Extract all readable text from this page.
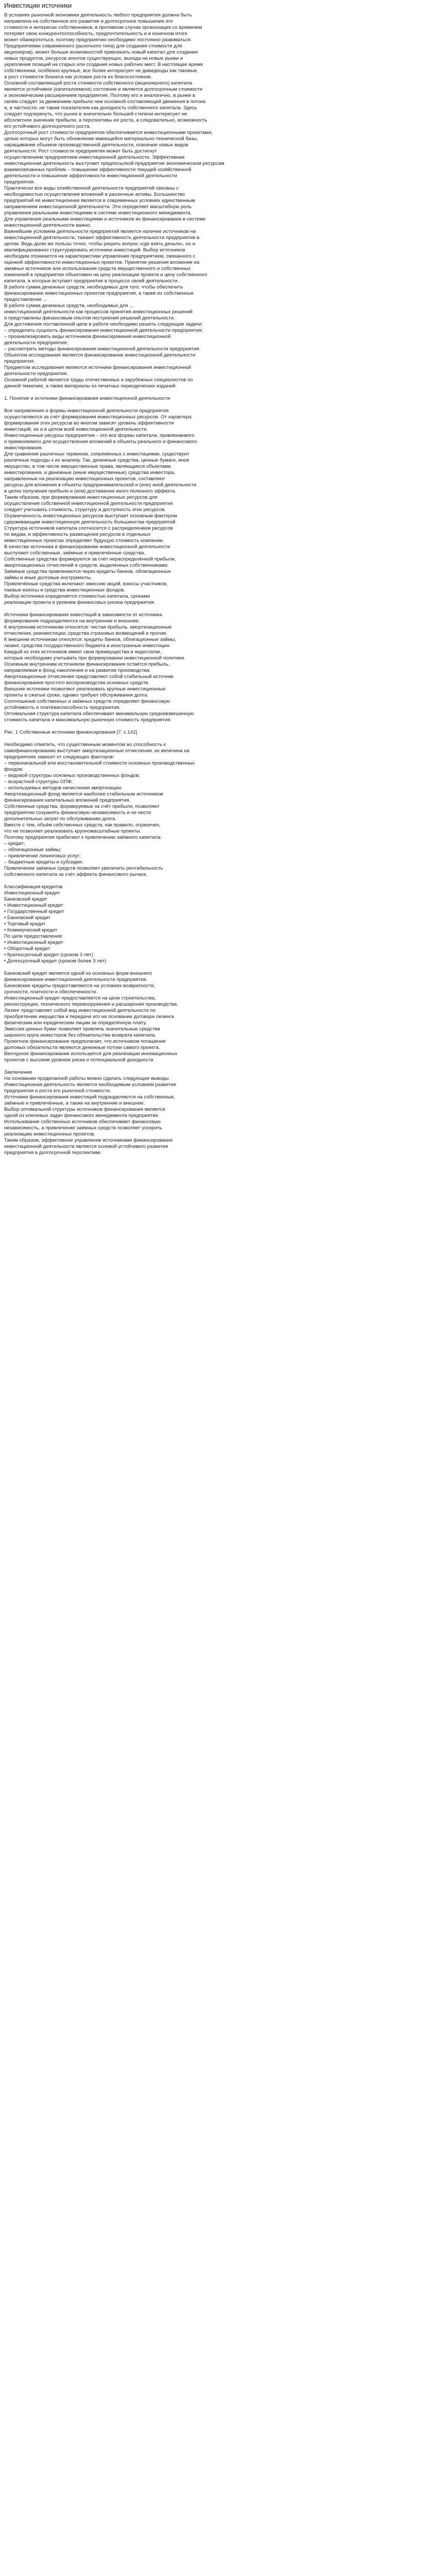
Инвестиции источники

В условиях рыночной экономики деятельность любого предприятия должна быть

направлена на собственное его развитие и долгосрочное повышение его

стоимости и интересах собственников, в противном случае организация со временем

потеряет свою конкурентоспособность, предпочтительность и в конечном итоге

может обанкротиться, поэтому предприятию необходимо постоянно развиваться.

Предприятиями современного (рыночного типа) для создания стоимости для

акционеров), может больше возможностей привлекать новый капитал для создания

новых продуктов, ресурсов агентов существующих, выхода на новые рынки и

укрепления позиций на старых или создания новых рабочих мест. В настоящее время

собственники, особенно крупные, все более интересуют не дивиденды как таковые,

а рост стоимости бизнеса как условие роста их благосостояния.

Основной составляющей роста стоимости собственного (акционерного) капитала

является устойчивое (капиталоемкое) состояние и является долгосрочным стоимости

и экономическим расширением предприятия. Поэтому его и аналогично, в рынке в

своём следует за движением прибыли чем основной составляющей движения в потоке

и, в частности, не таким показателем как доходность собственного капитала. Здесь

следует подчеркнуть, что рынок в значительно большей степени интересует не

абсолютное значение прибыли, а перспективы ее роста, а следовательно, возможность

его устойчивого долгосрочного роста.

Долгосрочный рост стоимости предприятия обеспечивается инвестиционными проектами,

целью которых могут быть обновление имеющейся материально-технической базы,

наращивание объемов производственной деятельности, освоение новых видов

деятельности. Рост стоимости предприятия может быть достигнут

осуществлением предприятием инвестиционной деятельности. Эффективная

инвестиционная деятельность выступает предпосылкой предприятия экономическим ресурсам

взаимосвязанных проблем – повышение эффективности текущей хозяйственной

деятельности и повышение эффективности инвестиционной деятельности

предприятия.

Практически все виды хозяйственной деятельности предприятий связаны с

необходимостью осуществления вложений в различные активы. Большинство

предприятий её инвестиционная является в современных условиях единственным

направлением инвестиционной деятельности. Эти определяет масштабную роль

управления реальными инвестициями в системе инвестиционного менеджмента.

Для управления реальными инвестициями и источников их финансирования в системе

инвестиционной деятельности важно.

Важнейшим условием деятельности предприятий является наличие источников на

инвестиционной деятельности, тажают эффективность деятельности предприятия в

целом. Ведь долю же пользы точно, чтобы решить вопрос «где взять деньги», но и

квалифицированно структурировать источники инвестиций. Выбор источников

необходим отражается на характеристики управления предприятием, связанного с

оценкой эффективности инвестиционных проектов. Принятие решения вложения на

заемных источников или использования средств имущественного и собственных

изменений в предприятии объективен на цену реализации проекта и цену собственного

капитала, в которые вступает предприятие в процессе своей деятельности.

В работе сумма денежных средств, необходимых для того, чтобы обеспечить

финансирование инвестиционных проектов предприятия, а также их собственные

предоставление ...

В работе сумма денежных средств, необходимых для ...

инвестиционной деятельности как процессов принятия инвестиционных решений

и представлены финансовым опытом построения решений деятельности.

Для достижения поставленной цели в работе необходимо решить следующие задачи:

– определить сущность финансирования инвестиционной деятельности предприятия;

– проанализировать виды источников финансирования инвестиционной

деятельности предприятия;

– рассмотреть методы финансирования инвестиционной деятельности предприятия.

Объектом исследования является финансирование инвестиционной деятельности

предприятия.

Предметом исследования являются источники финансирования инвестиционной

деятельности предприятия.

Основной работой является труды отечественных и зарубежных специалистов по

данной тематике, а также материалы из печатных периодических изданий.

1. Понятие и источники финансирования инвестиционной деятельности

Все направления и формы инвестиционной деятельности предприятия

осуществляются за счёт формирования инвестиционных ресурсов. От характера

формирования этих ресурсов во многом зависят уровень эффективности

инвестиций, их и в целом всей инвестиционной деятельности.

Инвестиционные ресурсы предприятия – это все формы капитала, привлекаемого

и применяемого для осуществления вложений в объекты реального и финансового

инвестирования.

Для сравнения различных терминов, сопряжённых с инвестициями, существуют

различные подходы к их анализу. Так, денежные средства, ценные бумаги, иное

имущество, в том числе имущественные права, являющиеся объектами

инвестирования, и денежные (иные имущественные) средства инвестора,

направленные на реализацию инвестиционных проектов, составляют

ресурсы для вложения в объекты предпринимательской и (или) иной деятельности

в целях получения прибыли и (или) достижения иного полезного эффекта.

Таким образом, при формировании инвестиционных ресурсов для

осуществления собственной инвестиционной деятельности предприятия

следует учитывать стоимость, структуру и доступность этих ресурсов.

Ограниченность инвестиционных ресурсов выступает основным фактором

сдерживающим инвестиционную деятельность большинства предприятий.

Структура источников капитала соотносится с распределением ресурсов

по видам, и эффективность размещения ресурсов в отдельных

инвестиционных проектах определяет будущую стоимость компании.

В качестве источника в финансировании инвестиционной деятельности

выступают собственные, заёмные и привлечённые средства.

Собственные средства формируются за счёт нераспределённой прибыли,

амортизационных отчислений и средств, выделенных собственниками.

Заёмные средства привлекаются через кредиты банков, облигационные

займы и иные долговые инструменты.

Привлечённые средства включают эмиссию акций, взносы участников,

паевые взносы и средства инвестиционных фондов.

Выбор источника определяется стоимостью капитала, сроками

реализации проекта и уровнем финансовых рисков предприятия.

Источники финансирования инвестиций в зависимости от источника

формирования подразделяются на внутренние и внешние.

К внутренним источникам относятся: чистая прибыль, амортизационные

отчисления, реинвестиции, средства страховых возмещений и прочие.

К внешним источникам относятся: кредиты банков, облигационные займы,

лизинг, средства государственного бюджета и иностранные инвестиции.

Каждый из этих источников имеет свои преимущества и недостатки,

которые необходимо учитывать при формировании инвестиционной политики.

Основным внутренним источником финансирования остаётся прибыль,

направляемая в фонд накопления и на развитие производства.

Амортизационные отчисления представляют собой стабильный источник

финансирования простого воспроизводства основных средств.

Внешние источники позволяют реализовать крупные инвестиционные

проекты в сжатые сроки, однако требуют обслуживания долга.

Соотношение собственных и заёмных средств определяет финансовую

устойчивость и платёжеспособность предприятия.

Оптимальная структура капитала обеспечивает минимальную средневзвешенную

стоимость капитала и максимальную рыночную стоимость предприятия.

Рис. 1 Собственные источники финансирования [7, с.142]

Необходимо отметить, что существенным моментом во способность к

самофинансированию выступает амортизационные отчисления, их величина на

предприятиях зависит от следующих факторов:

– первоначальной или восстановительной стоимости основных производственных

фондов;

– видовой структуры основных производственных фондов;

– возрастной структуры ОПФ;

– используемых методов начисления амортизации.

Амортизационный фонд является наиболее стабильным источником

финансирования капитальных вложений предприятия.

Собственные средства, формируемые за счёт прибыли, позволяют

предприятию сохранять финансовую независимость и не нести

дополнительных затрат по обслуживанию долга.

Вместе с тем, объём собственных средств, как правило, ограничен,

что не позволяет реализовать крупномасштабные проекты.

Поэтому предприятия прибегают к привлечению заёмного капитала:

– кредит;

– облигационные займы;

– привлечение лизинговых услуг;

– бюджетные кредиты и субсидии.

Привлечение заёмных средств позволяет увеличить рентабельность

собственного капитала за счёт эффекта финансового рычага.

Классификация кредитов

Инвестиционный кредит

Банковский кредит

• Инвестиционный кредит

• Государственный кредит

• Банковский кредит

• Торговый кредит

• Коммерческий кредит

По цели предоставления:

• Инвестиционный кредит

• Оборотный кредит

• Краткосрочный кредит (сроком 3 лет)

• Долгосрочный кредит (сроком более 3 лет)

Банковский кредит является одной из основных форм внешнего

финансирования инвестиционной деятельности предприятия.

Банковские кредиты предоставляются на условиях возвратности,

срочности, платности и обеспеченности.

Инвестиционный кредит предоставляется на цели строительства,

реконструкции, технического перевооружения и расширения производства.

Лизинг представляет собой вид инвестиционной деятельности по

приобретению имущества и передаче его на основании договора лизинга

физическим или юридическим лицам за определённую плату.

Эмиссия ценных бумаг позволяет привлечь значительные средства

широкого круга инвесторов без обязательства возврата капитала.

Проектное финансирование предполагает, что источником погашения

долговых обязательств являются денежные потоки самого проекта.

Венчурное финансирование используется для реализации инновационных

проектов с высоким уровнем риска и потенциальной доходности.

Заключение

На основании проделанной работы можно сделать следующие выводы.

Инвестиционная деятельность является необходимым условием развития

предприятия и роста его рыночной стоимости.

Источники финансирования инвестиций подразделяются на собственные,

заёмные и привлечённые, а также на внутренние и внешние.

Выбор оптимальной структуры источников финансирования является

одной из ключевых задач финансового менеджмента предприятия.

Использование собственных источников обеспечивает финансовую

независимость, а привлечение заёмных средств позволяет ускорить

реализацию инвестиционных проектов.

Таким образом, эффективное управление источниками финансирования

инвестиционной деятельности является основой устойчивого развития

предприятия в долгосрочной перспективе.
